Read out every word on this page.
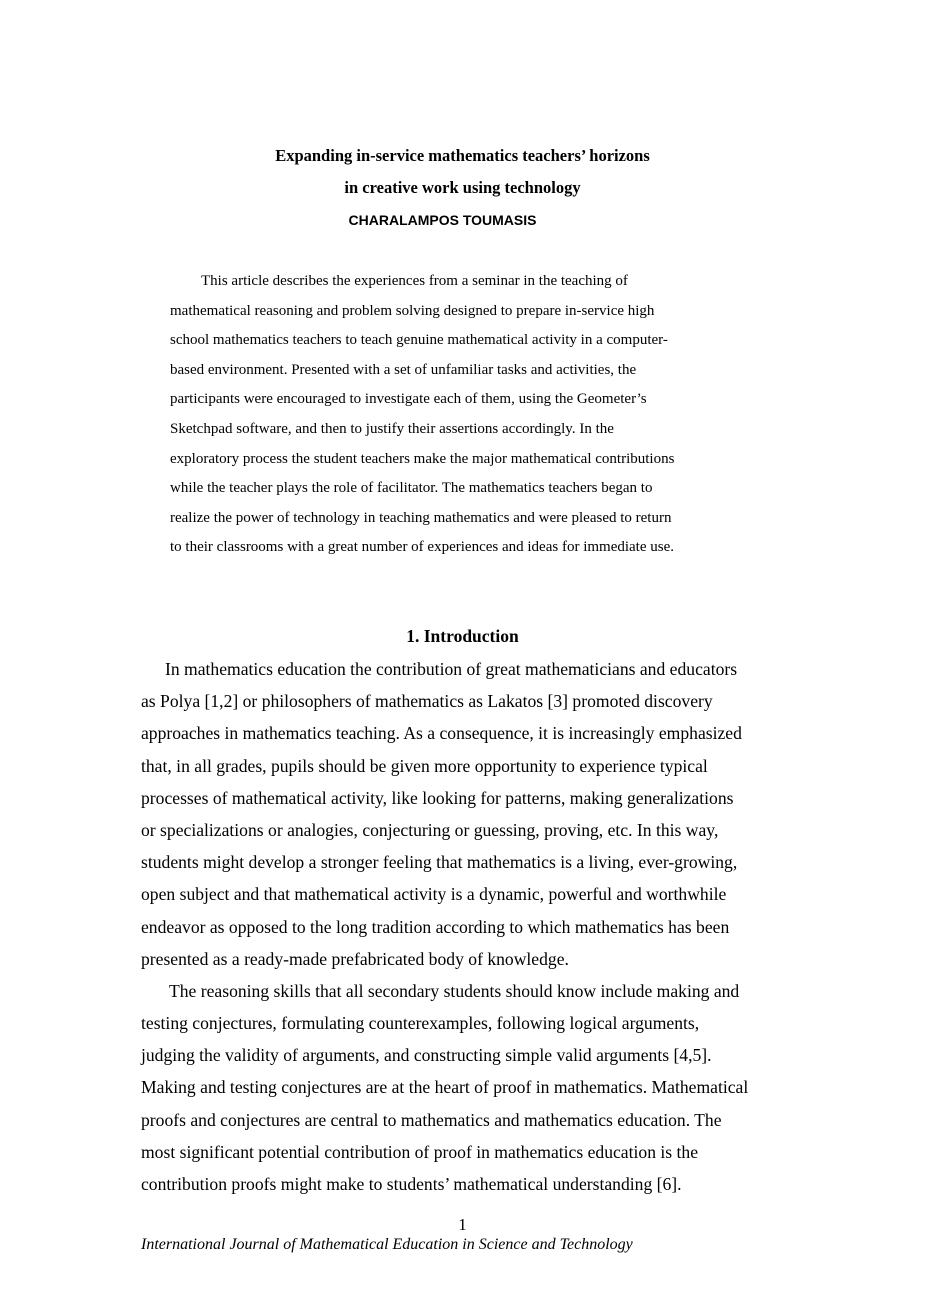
Expanding in-service mathematics teachers’ horizons
in creative work using technology
CHARALAMPOS TOUMASIS
This article describes the experiences from a seminar in the teaching of
mathematical reasoning and problem solving designed to prepare in-service high
school mathematics teachers to teach genuine mathematical activity in a computer-
based environment. Presented with a set of unfamiliar tasks and activities, the
participants were encouraged to investigate each of them, using the Geometer’s
Sketchpad software, and then to justify their assertions accordingly. In the
exploratory process the student teachers make the major mathematical contributions
while the teacher plays the role of facilitator. The mathematics teachers began to
realize the power of technology in teaching mathematics and were pleased to return
to their classrooms with a great number of experiences and ideas for immediate use.
1. Introduction
In mathematics education the contribution of great mathematicians and educators
as Polya [1,2] or philosophers of mathematics as Lakatos [3] promoted discovery
approaches in mathematics teaching. As a consequence, it is increasingly emphasized
that, in all grades, pupils should be given more opportunity to experience typical
processes of mathematical activity, like looking for patterns, making generalizations
or specializations or analogies, conjecturing or guessing, proving, etc. In this way,
students might develop a stronger feeling that mathematics is a living, ever-growing,
open subject and that mathematical activity is a dynamic, powerful and worthwhile
endeavor as opposed to the long tradition according to which mathematics has been
presented as a ready-made prefabricated body of knowledge.
The reasoning skills that all secondary students should know include making and
testing conjectures, formulating counterexamples, following logical arguments,
judging the validity of arguments, and constructing simple valid arguments [4,5].
Making and testing conjectures are at the heart of proof in mathematics. Mathematical
proofs and conjectures are central to mathematics and mathematics education. The
most significant potential contribution of proof in mathematics education is the
contribution proofs might make to students’ mathematical understanding [6].
1
International Journal of Mathematical Education in Science and Technology
